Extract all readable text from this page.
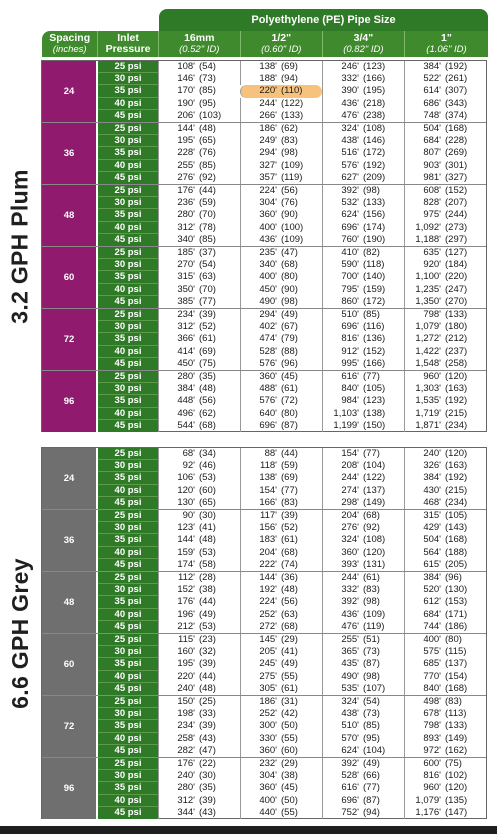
Polyethylene (PE) Pipe Size
Spacing
(inches)
Inlet
Pressure
16mm
(0.52" ID)
1/2"
(0.60" ID)
3/4"
(0.82" ID)
1"
(1.06" ID)
3.2 GPH Plum
24
25 psi	108' (54)	138' (69)	246' (123)	384' (192)
30 psi	146' (73)	188' (94)	332' (166)	522' (261)
35 psi	170' (85)	220' (110)	390' (195)	614' (307)
40 psi	190' (95)	244' (122)	436' (218)	686' (343)
45 psi	206' (103)	266' (133)	476' (238)	748' (374)
36
25 psi	144' (48)	186' (62)	324' (108)	504' (168)
30 psi	195' (65)	249' (83)	438' (146)	684' (228)
35 psi	228' (76)	294' (98)	516' (172)	807' (269)
40 psi	255' (85)	327' (109)	576' (192)	903' (301)
45 psi	276' (92)	357' (119)	627' (209)	981' (327)
48
25 psi	176' (44)	224' (56)	392' (98)	608' (152)
30 psi	236' (59)	304' (76)	532' (133)	828' (207)
35 psi	280' (70)	360' (90)	624' (156)	975' (244)
40 psi	312' (78)	400' (100)	696' (174)	1,092' (273)
45 psi	340' (85)	436' (109)	760' (190)	1,188' (297)
60
25 psi	185' (37)	235' (47)	410' (82)	635' (127)
30 psi	270' (54)	340' (68)	590' (118)	920' (184)
35 psi	315' (63)	400' (80)	700' (140)	1,100' (220)
40 psi	350' (70)	450' (90)	795' (159)	1,235' (247)
45 psi	385' (77)	490' (98)	860' (172)	1,350' (270)
72
25 psi	234' (39)	294' (49)	510' (85)	798' (133)
30 psi	312' (52)	402' (67)	696' (116)	1,079' (180)
35 psi	366' (61)	474' (79)	816' (136)	1,272' (212)
40 psi	414' (69)	528' (88)	912' (152)	1,422' (237)
45 psi	450' (75)	576' (96)	995' (166)	1,548' (258)
96
25 psi	280' (35)	360' (45)	616' (77)	960' (120)
30 psi	384' (48)	488' (61)	840' (105)	1,303' (163)
35 psi	448' (56)	576' (72)	984' (123)	1,535' (192)
40 psi	496' (62)	640' (80)	1,103' (138)	1,719' (215)
45 psi	544' (68)	696' (87)	1,199' (150)	1,871' (234)
6.6 GPH Grey
24
25 psi	68' (34)	88' (44)	154' (77)	240' (120)
30 psi	92' (46)	118' (59)	208' (104)	326' (163)
35 psi	106' (53)	138' (69)	244' (122)	384' (192)
40 psi	120' (60)	154' (77)	274' (137)	430' (215)
45 psi	130' (65)	166' (83)	298' (149)	468' (234)
36
25 psi	90' (30)	117' (39)	204' (68)	315' (105)
30 psi	123' (41)	156' (52)	276' (92)	429' (143)
35 psi	144' (48)	183' (61)	324' (108)	504' (168)
40 psi	159' (53)	204' (68)	360' (120)	564' (188)
45 psi	174' (58)	222' (74)	393' (131)	615' (205)
48
25 psi	112' (28)	144' (36)	244' (61)	384' (96)
30 psi	152' (38)	192' (48)	332' (83)	520' (130)
35 psi	176' (44)	224' (56)	392' (98)	612' (153)
40 psi	196' (49)	252' (63)	436' (109)	684' (171)
45 psi	212' (53)	272' (68)	476' (119)	744' (186)
60
25 psi	115' (23)	145' (29)	255' (51)	400' (80)
30 psi	160' (32)	205' (41)	365' (73)	575' (115)
35 psi	195' (39)	245' (49)	435' (87)	685' (137)
40 psi	220' (44)	275' (55)	490' (98)	770' (154)
45 psi	240' (48)	305' (61)	535' (107)	840' (168)
72
25 psi	150' (25)	186' (31)	324' (54)	498' (83)
30 psi	198' (33)	252' (42)	438' (73)	678' (113)
35 psi	234' (39)	300' (50)	510' (85)	798' (133)
40 psi	258' (43)	330' (55)	570' (95)	893' (149)
45 psi	282' (47)	360' (60)	624' (104)	972' (162)
96
25 psi	176' (22)	232' (29)	392' (49)	600' (75)
30 psi	240' (30)	304' (38)	528' (66)	816' (102)
35 psi	280' (35)	360' (45)	616' (77)	960' (120)
40 psi	312' (39)	400' (50)	696' (87)	1,079' (135)
45 psi	344' (43)	440' (55)	752' (94)	1,176' (147)
